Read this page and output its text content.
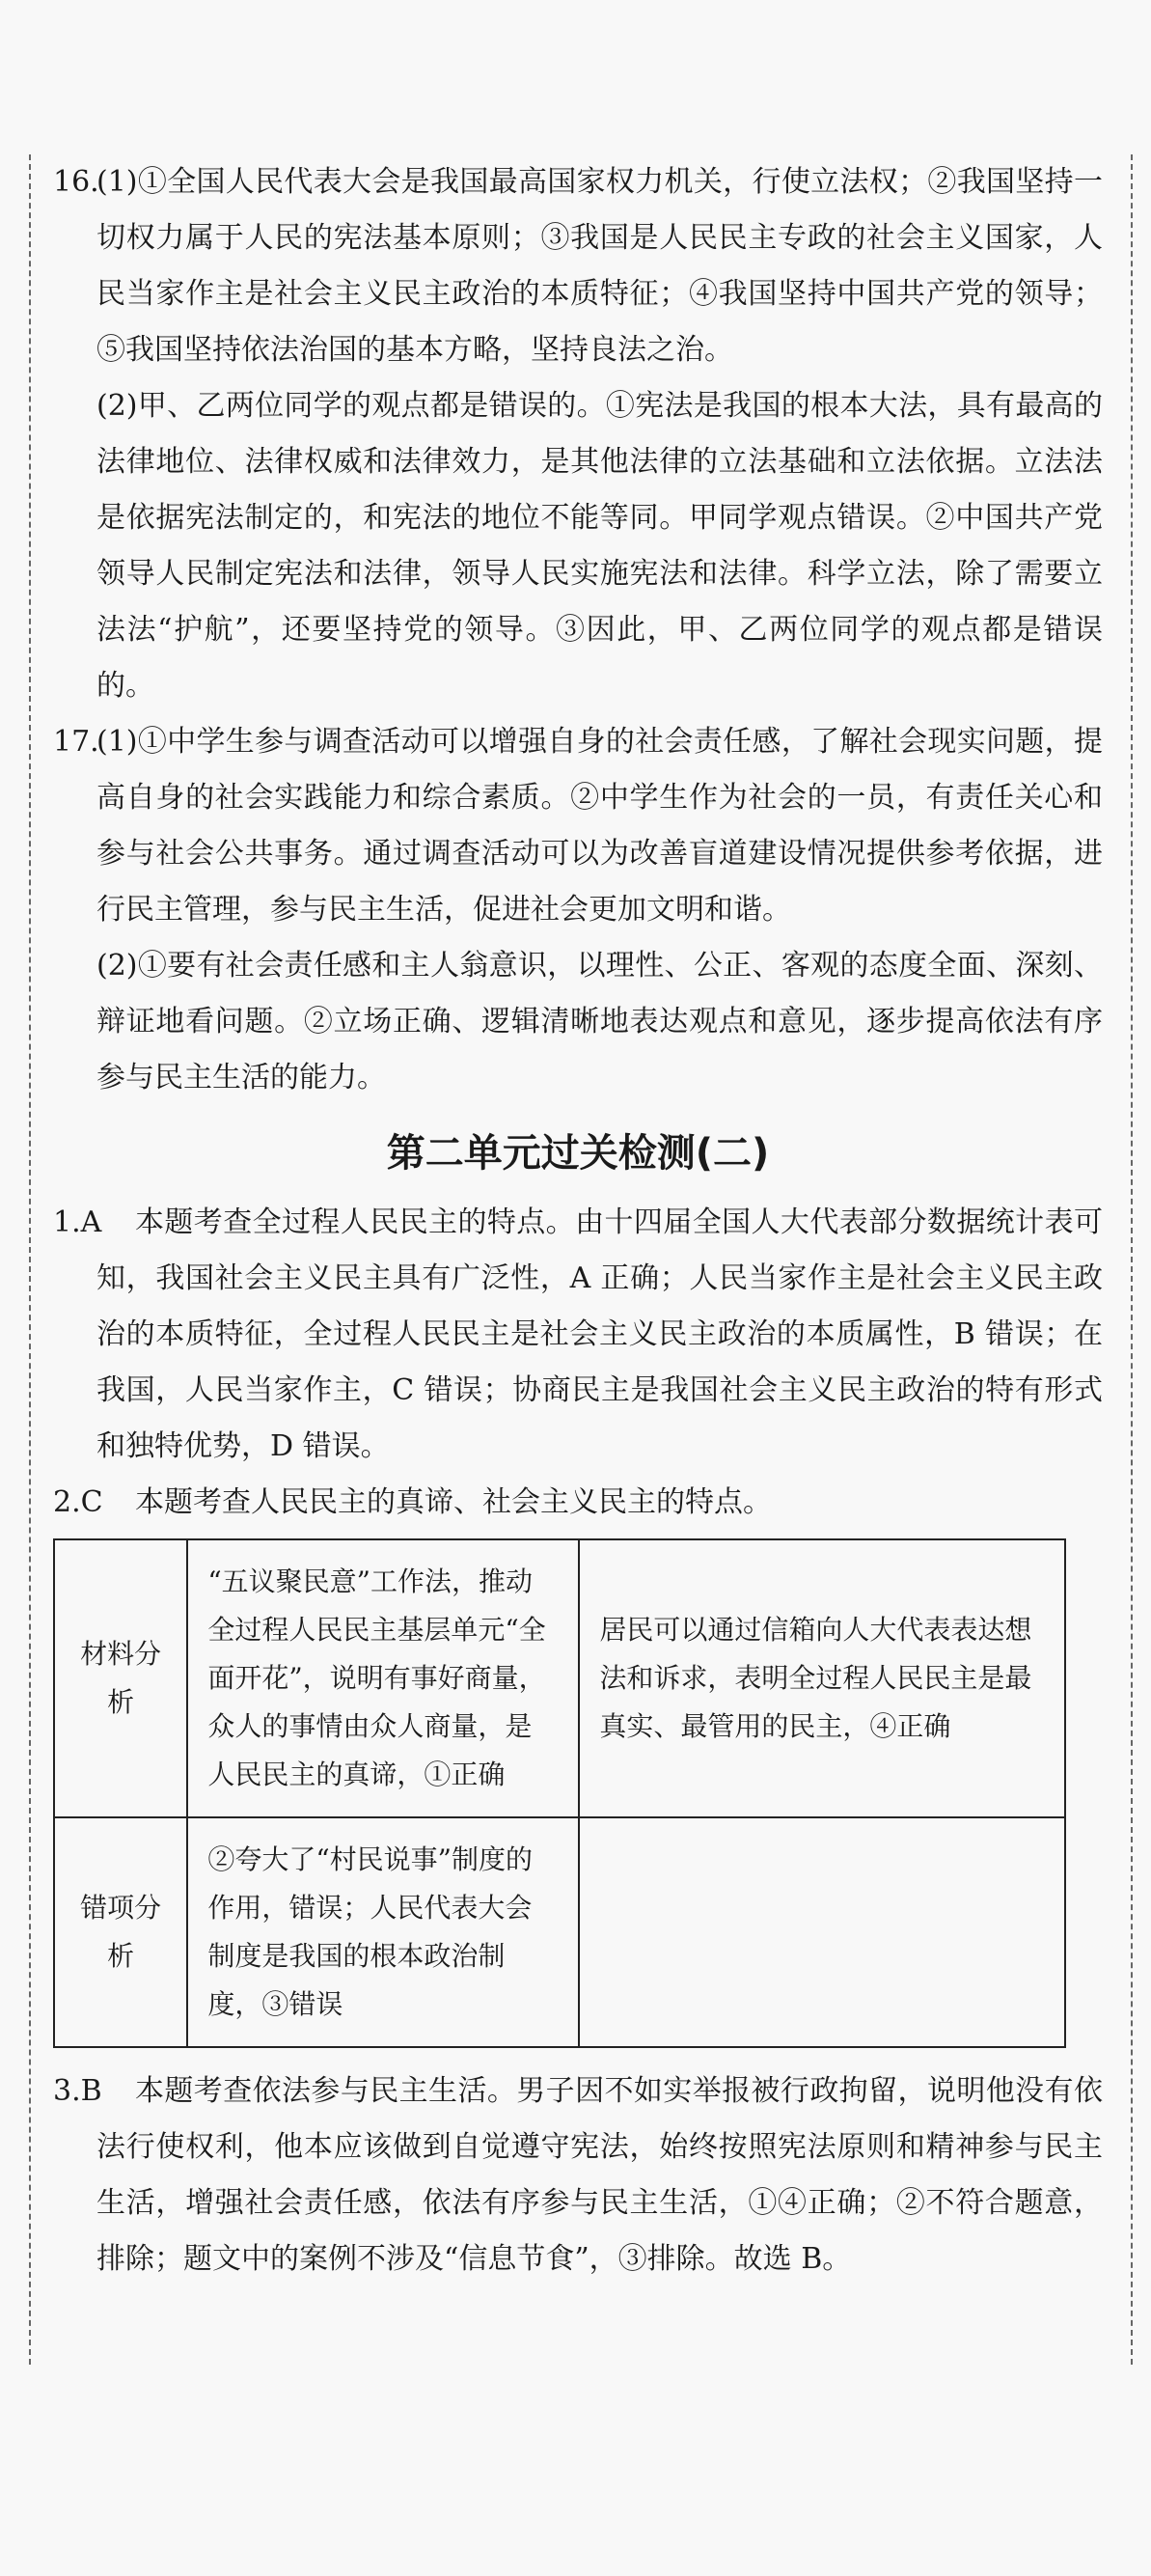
16.

(1)①全国人民代表大会是我国最高国家权力机关，行使立法权；②我国坚持一切权力属于人民的宪法基本原则；③我国是人民民主专政的社会主义国家，人民当家作主是社会主义民主政治的本质特征；④我国坚持中国共产党的领导；⑤我国坚持依法治国的基本方略，坚持良法之治。

(2)甲、乙两位同学的观点都是错误的。①宪法是我国的根本大法，具有最高的法律地位、法律权威和法律效力，是其他法律的立法基础和立法依据。立法法是依据宪法制定的，和宪法的地位不能等同。甲同学观点错误。②中国共产党领导人民制定宪法和法律，领导人民实施宪法和法律。科学立法，除了需要立法法“护航”，还要坚持党的领导。③因此，甲、乙两位同学的观点都是错误的。

17.

(1)①中学生参与调查活动可以增强自身的社会责任感，了解社会现实问题，提高自身的社会实践能力和综合素质。②中学生作为社会的一员，有责任关心和参与社会公共事务。通过调查活动可以为改善盲道建设情况提供参考依据，进行民主管理，参与民主生活，促进社会更加文明和谐。

(2)①要有社会责任感和主人翁意识，以理性、公正、客观的态度全面、深刻、辩证地看问题。②立场正确、逻辑清晰地表达观点和意见，逐步提高依法有序参与民主生活的能力。

第二单元过关检测(二)
1.A	本题考查全过程人民民主的特点。由十四届全国人大代表部分数据统计表可知，我国社会主义民主具有广泛性，A 正确；人民当家作主是社会主义民主政治的本质特征，全过程人民民主是社会主义民主政治的本质属性，B 错误；在我国，人民当家作主，C 错误；协商民主是我国社会主义民主政治的特有形式和独特优势，D 错误。

2.C	本题考查人民民主的真谛、社会主义民主的特点。

材料分析	“五议聚民意”工作法，推动全过程人民民主基层单元“全面开花”，说明有事好商量，众人的事情由众人商量，是人民民主的真谛，①正确	居民可以通过信箱向人大代表表达想法和诉求，表明全过程人民民主是最真实、最管用的民主，④正确
错项分析	②夸大了“村民说事”制度的作用，错误；人民代表大会制度是我国的根本政治制度，③错误	
3.B	本题考查依法参与民主生活。男子因不如实举报被行政拘留，说明他没有依法行使权利，他本应该做到自觉遵守宪法，始终按照宪法原则和精神参与民主生活，增强社会责任感，依法有序参与民主生活，①④正确；②不符合题意，排除；题文中的案例不涉及“信息节食”，③排除。故选 B。
